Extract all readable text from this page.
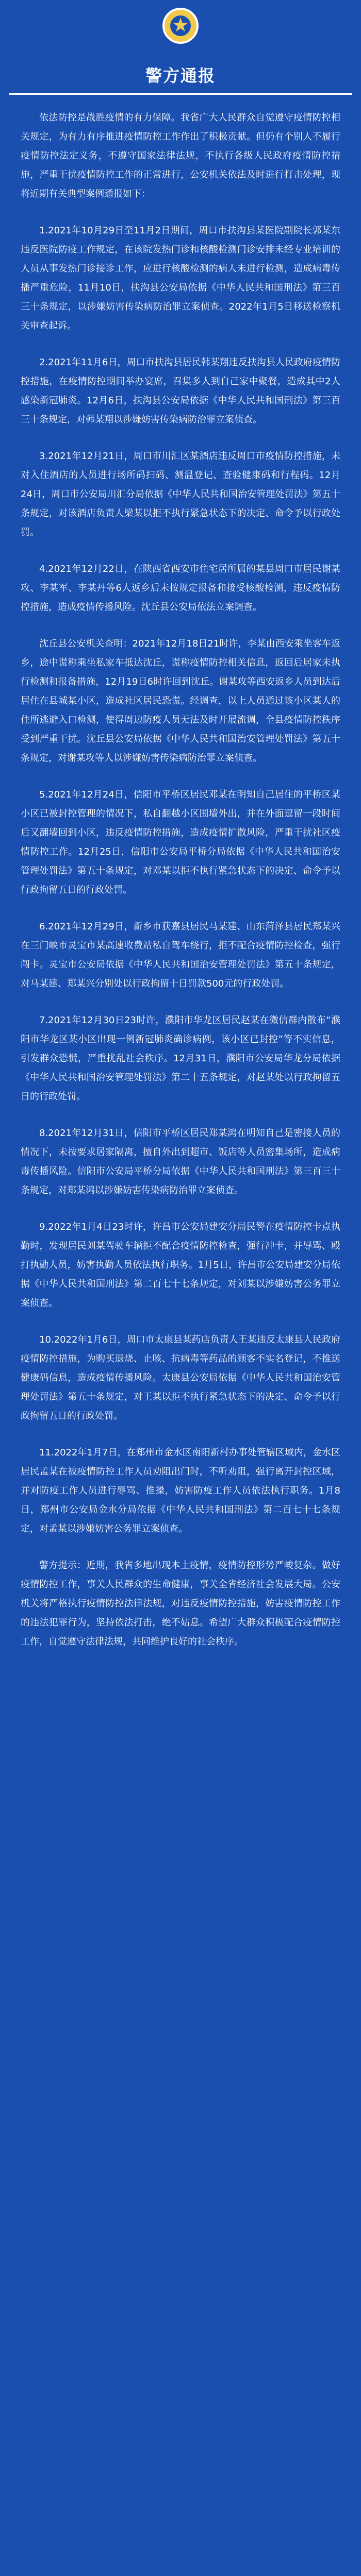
警方通报

依法防控是战胜疫情的有力保障。我省广大人民群众自觉遵守疫情防控相关规定，为有力有序推进疫情防控工作作出了积极贡献。但仍有个别人不履行疫情防控法定义务，不遵守国家法律法规，不执行各级人民政府疫情防控措施，严重干扰疫情防控工作的正常进行，公安机关依法及时进行打击处理，现将近期有关典型案例通报如下：

1.2021年10月29日至11月2日期间，周口市扶沟县某医院副院长郭某东违反医院防疫工作规定，在该院发热门诊和核酸检测门诊安排未经专业培训的人员从事发热门诊接诊工作，应进行核酸检测的病人未进行检测，造成病毒传播严重危险，11月10日，扶沟县公安局依据《中华人民共和国刑法》第三百三十条规定，以涉嫌妨害传染病防治罪立案侦查。2022年1月5日移送检察机关审查起诉。

2.2021年11月6日，周口市扶沟县居民韩某翔违反扶沟县人民政府疫情防控措施，在疫情防控期间举办宴席，召集多人到自己家中聚餐，造成其中2人感染新冠肺炎。12月6日，扶沟县公安局依据《中华人民共和国刑法》第三百三十条规定，对韩某翔以涉嫌妨害传染病防治罪立案侦查。

3.2021年12月21日，周口市川汇区某酒店违反周口市疫情防控措施，未对入住酒店的人员进行场所码扫码、测温登记、查验健康码和行程码。12月24日，周口市公安局川汇分局依据《中华人民共和国治安管理处罚法》第五十条规定，对该酒店负责人梁某以拒不执行紧急状态下的决定、命令予以行政处罚。

4.2021年12月22日，在陕西省西安市住宅居所属的某县周口市居民谢某攻、李某军、李某丹等6人返乡后未按规定报备和接受核酸检测，违反疫情防控措施，造成疫情传播风险。沈丘县公安局依法立案调查。

沈丘县公安机关查明：2021年12月18日21时许，李某由西安乘坐客车返乡，途中谎称乘坐私家车抵达沈丘，谎称疫情防控相关信息，返回后居家未执行检测和报备措施，12月19日6时许回到沈丘。谢某攻等西安返乡人员到达后居住在县城某小区，造成社区居民恐慌。经调查，以上人员通过该小区某人的住所逃避入口检测，使得周边防疫人员无法及时开展流调，全县疫情防控秩序受到严重干扰。沈丘县公安局依据《中华人民共和国治安管理处罚法》第五十条规定，对谢某攻等人以涉嫌妨害传染病防治罪立案侦查。

5.2021年12月24日，信阳市平桥区居民邓某在明知自己居住的平桥区某小区已被封控管理的情况下，私自翻越小区围墙外出，并在外面逗留一段时间后又翻墙回到小区，违反疫情防控措施，造成疫情扩散风险，严重干扰社区疫情防控工作。12月25日，信阳市公安局平桥分局依据《中华人民共和国治安管理处罚法》第五十条规定，对邓某以拒不执行紧急状态下的决定、命令予以行政拘留五日的行政处罚。

6.2021年12月29日，新乡市获嘉县居民马某建、山东菏泽县居民郑某兴在三门峡市灵宝市某高速收费站私自驾车绕行，拒不配合疫情防控检查，强行闯卡。灵宝市公安局依据《中华人民共和国治安管理处罚法》第五十条规定，对马某建、郑某兴分别处以行政拘留十日罚款500元的行政处罚。

7.2021年12月30日23时许，濮阳市华龙区居民赵某在微信群内散布“濮阳市华龙区某小区出现一例新冠肺炎确诊病例，该小区已封控”等不实信息，引发群众恐慌，严重扰乱社会秩序。12月31日，濮阳市公安局华龙分局依据《中华人民共和国治安管理处罚法》第二十五条规定，对赵某处以行政拘留五日的行政处罚。

8.2021年12月31日，信阳市平桥区居民郑某鸿在明知自己是密接人员的情况下，未按要求居家隔离，擅自外出到超市、饭店等人员密集场所，造成病毒传播风险。信阳市公安局平桥分局依据《中华人民共和国刑法》第三百三十条规定，对郑某鸿以涉嫌妨害传染病防治罪立案侦查。

9.2022年1月4日23时许，许昌市公安局建安分局民警在疫情防控卡点执勤时，发现居民刘某驾驶车辆拒不配合疫情防控检查，强行冲卡，并辱骂、殴打执勤人员，妨害执勤人员依法执行职务。1月5日，许昌市公安局建安分局依据《中华人民共和国刑法》第二百七十七条规定，对刘某以涉嫌妨害公务罪立案侦查。

10.2022年1月6日，周口市太康县某药店负责人王某违反太康县人民政府疫情防控措施，为购买退烧、止咳、抗病毒等药品的顾客不实名登记，不推送健康码信息，造成疫情传播风险。太康县公安局依据《中华人民共和国治安管理处罚法》第五十条规定，对王某以拒不执行紧急状态下的决定、命令予以行政拘留五日的行政处罚。

11.2022年1月7日，在郑州市金水区南阳新村办事处管辖区域内，金水区居民孟某在被疫情防控工作人员劝阻出门时，不听劝阻，强行离开封控区域，并对防疫工作人员进行辱骂、推搡，妨害防疫工作人员依法执行职务。1月8日，郑州市公安局金水分局依据《中华人民共和国刑法》第二百七十七条规定，对孟某以涉嫌妨害公务罪立案侦查。

警方提示：近期，我省多地出现本土疫情，疫情防控形势严峻复杂。做好疫情防控工作，事关人民群众的生命健康，事关全省经济社会发展大局。公安机关将严格执行疫情防控法律法规，对违反疫情防控措施，妨害疫情防控工作的违法犯罪行为，坚持依法打击，绝不姑息。希望广大群众积极配合疫情防控工作，自觉遵守法律法规，共同维护良好的社会秩序。
